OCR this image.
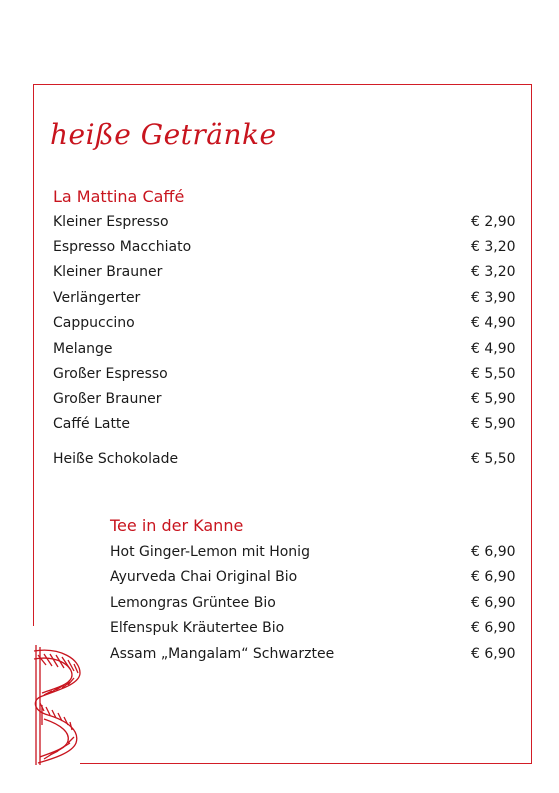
heiße Getränke
La Mattina Caffé
Kleiner Espresso	€ 2,90
Espresso Macchiato	€ 3,20
Kleiner Brauner	€ 3,20
Verlängerter	€ 3,90
Cappuccino	€ 4,90
Melange	€ 4,90
Großer Espresso	€ 5,50
Großer Brauner	€ 5,90
Caffé Latte	€ 5,90
Heiße Schokolade	€ 5,50
Tee in der Kanne
Hot Ginger-Lemon mit Honig	€ 6,90
Ayurveda Chai Original Bio	€ 6,90
Lemongras Grüntee Bio	€ 6,90
Elfenspuk Kräutertee Bio	€ 6,90
Assam „Mangalam“ Schwarztee	€ 6,90
